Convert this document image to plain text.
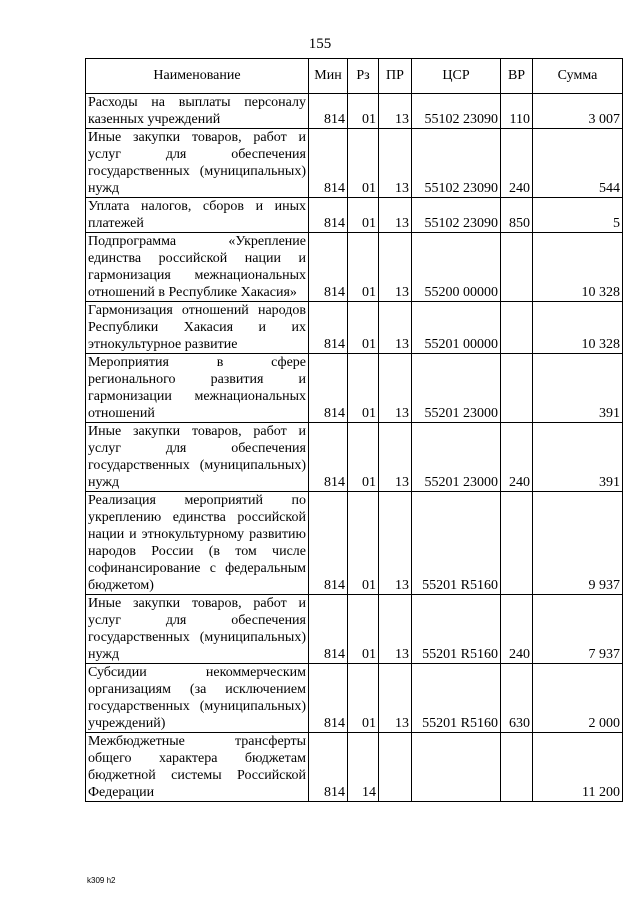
155
Наименование	Мин	Рз	ПР	ЦСР	ВР	Сумма
Расходы на выплаты персоналу казенных учреждений	814	01	13	55102 23090	110	3 007
Иные закупки товаров, работ и услуг для обеспечения государственных (муниципальных) нужд	814	01	13	55102 23090	240	544
Уплата налогов, сборов и иных платежей	814	01	13	55102 23090	850	5
Подпрограмма «Укрепление единства российской нации и гармонизация межнациональных отношений в Республике Хакасия»	814	01	13	55200 00000		10 328
Гармонизация отношений народов Республики Хакасия и их этнокультурное развитие	814	01	13	55201 00000		10 328
Мероприятия в сфере регионального развития и гармонизации межнациональных отношений	814	01	13	55201 23000		391
Иные закупки товаров, работ и услуг для обеспечения государственных (муниципальных) нужд	814	01	13	55201 23000	240	391
Реализация мероприятий по укреплению единства российской нации и этнокультурному развитию народов России (в том числе софинансирование с федеральным бюджетом)	814	01	13	55201 R5160		9 937
Иные закупки товаров, работ и услуг для обеспечения государственных (муниципальных) нужд	814	01	13	55201 R5160	240	7 937
Субсидии некоммерческим организациям (за исключением государственных (муниципальных) учреждений)	814	01	13	55201 R5160	630	2 000
Межбюджетные трансферты общего характера бюджетам бюджетной системы Российской Федерации	814	14				11 200
k309 h2
